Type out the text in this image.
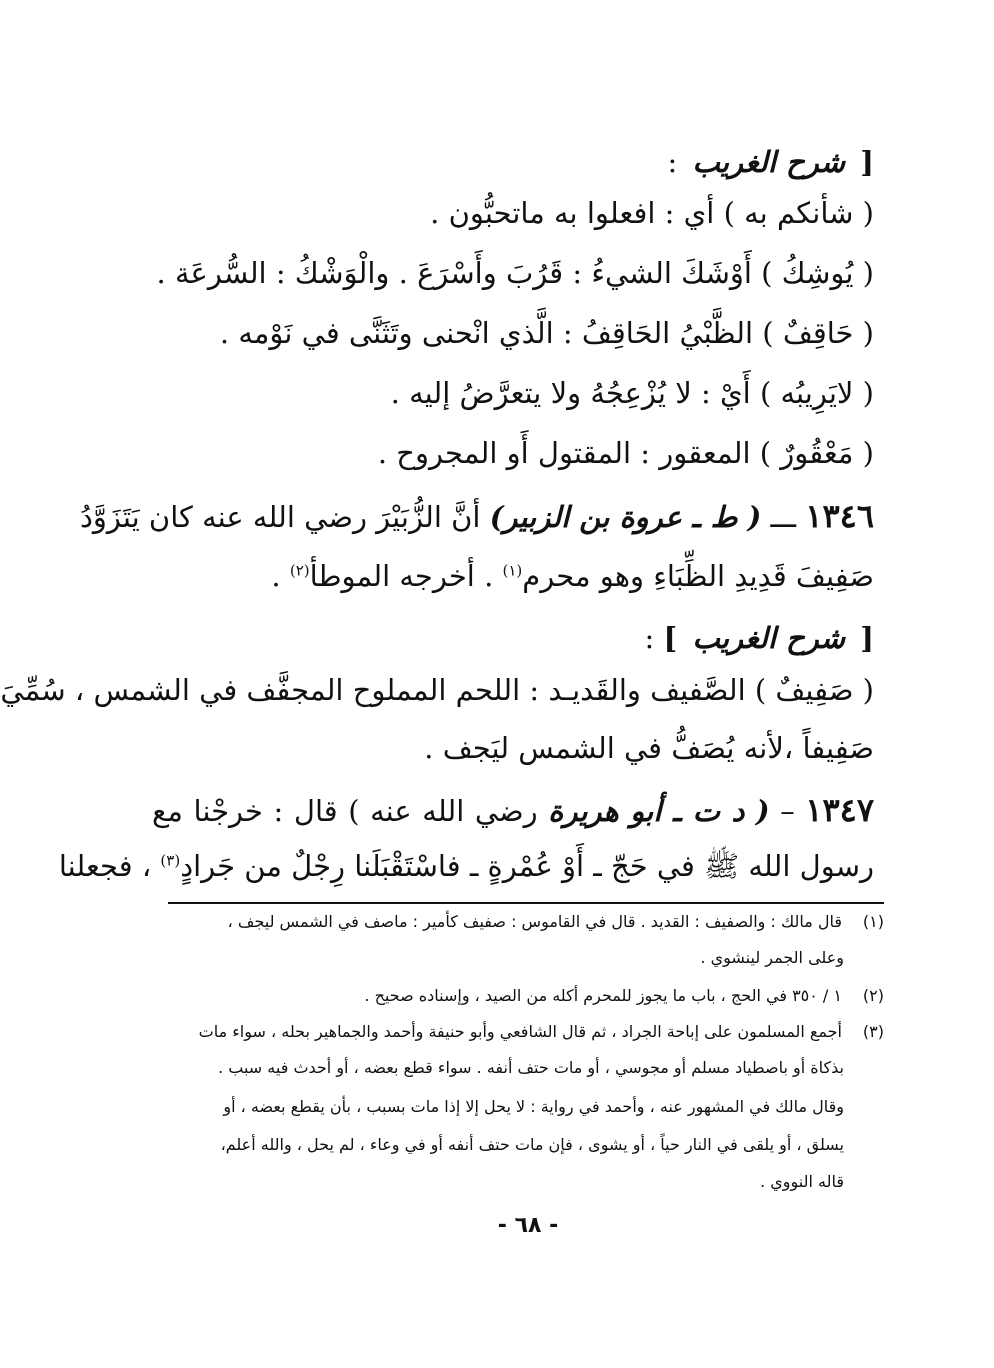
[ شرح الغريب :
( شأنكم به ) أي : افعلوا به ماتحبُّون .
( يُوشِكُ ) أَوْشَكَ الشيءُ : قَرُبَ وأَسْرَعَ . والْوَشْكُ : السُّرعَة .
( حَاقِفٌ ) الظَّبْيُ الحَاقِفُ : الَّذي انْحنى وتَثَنَّى في نَوْمه .
( لايَرِيبُه ) أَيْ : لا يُزْعِجُهُ ولا يتعرَّضُ إليه .
( مَعْقُورٌ ) المعقور : المقتول أَو المجروح .
١٣٤٦ ـــ ( ط ـ عروة بن الزبير) أنَّ الزُّبَيْرَ رضي الله عنه كان يَتَزَوَّدُ
صَفِيفَ قَدِيدِ الظِّبَاءِ وهو محرم$^{(١)}$ . أخرجه الموطأ$^{(٢)}$ .
[ شرح الغريب ] :
( صَفِيفٌ ) الصَّفيف والقَديـد : اللحم المملوح المجفَّف في الشمس ، سُمِّيَ
صَفِيفاً ،لأنه يُصَفُّ في الشمس ليَجف .
١٣٤٧ – ( د ت ـ أبو هريرة رضي الله عنه ) قال : خرجْنا مع
رسول الله ﷺ في حَجّ ـ أَوْ عُمْرةٍ ـ فاسْتَقْبَلَنا رِجْلٌ من جَرادٍ$^{(٣)}$ ، فجعلنا
(١)قال مالك : والصفيف : القديد . قال في القاموس : صفيف كأمير : ماصف في الشمس ليجف ،
وعلى الجمر لينشوي .
(٢)١ / ٣٥٠ في الحج ، باب ما يجوز للمحرم أكله من الصيد ، وإسناده صحيح .
(٣)أجمع المسلمون على إباحة الجراد ، ثم قال الشافعي وأبو حنيفة وأحمد والجماهير بحله ، سواء مات
بذكاة أو باصطياد مسلم أو مجوسي ، أو مات حتف أنفه . سواء قطع بعضه ، أو أحدث فيه سبب .
وقال مالك في المشهور عنه ، وأحمد في رواية : لا يحل إلا إذا مات بسبب ، بأن يقطع بعضه ، أو
يسلق ، أو يلقى في النار حياً ، أو يشوى ، فإن مات حتف أنفه أو في وعاء ، لم يحل ، والله أعلم،
قاله النووي .
- ٦٨ -
